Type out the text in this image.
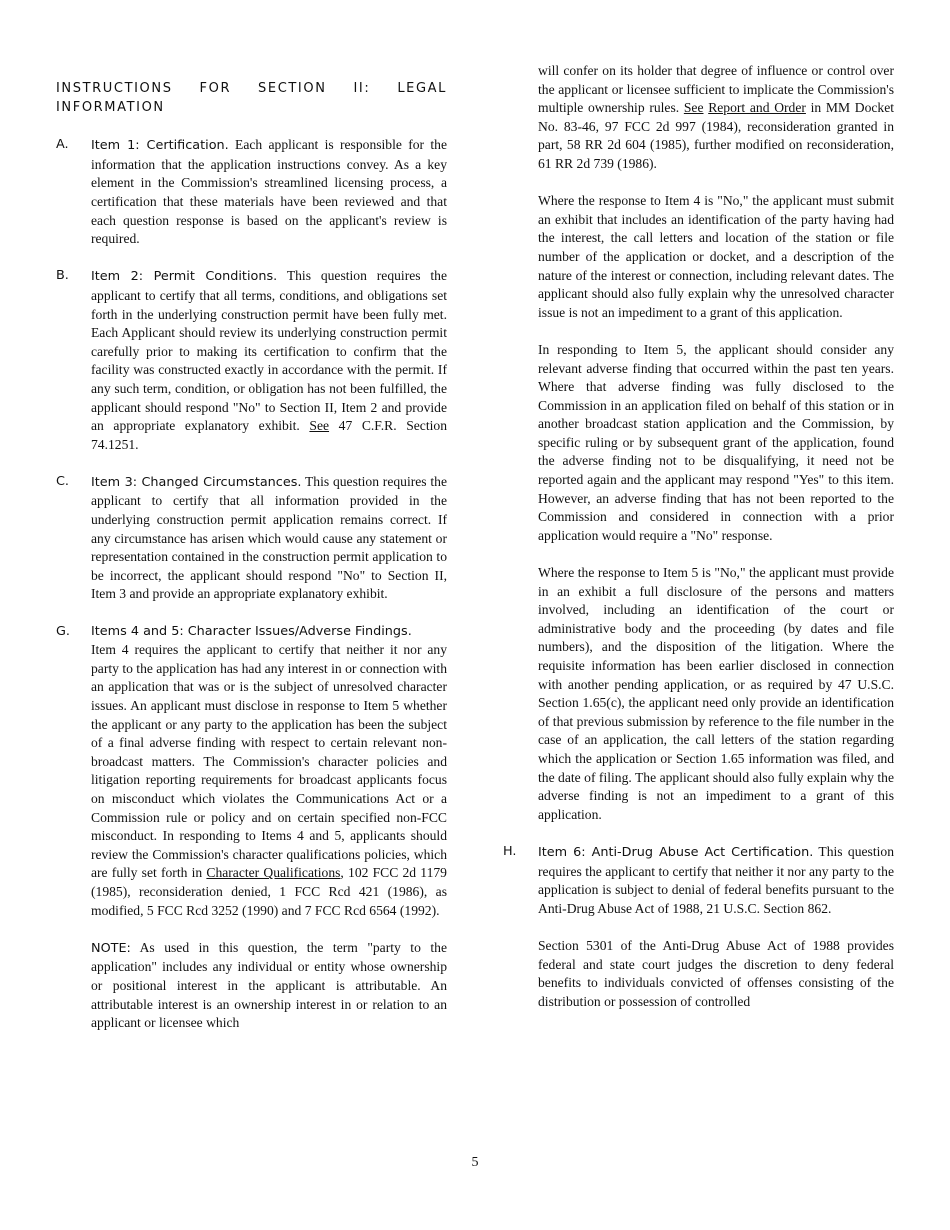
INSTRUCTIONS FOR SECTION II: LEGAL INFORMATION
A. Item 1: Certification. Each applicant is responsible for the information that the application instructions convey. As a key element in the Commission's streamlined licensing process, a certification that these materials have been reviewed and that each question response is based on the applicant's review is required.
B. Item 2: Permit Conditions. This question requires the applicant to certify that all terms, conditions, and obligations set forth in the underlying construction permit have been fully met. Each Applicant should review its underlying construction permit carefully prior to making its certification to confirm that the facility was constructed exactly in accordance with the permit. If any such term, condition, or obligation has not been fulfilled, the applicant should respond "No" to Section II, Item 2 and provide an appropriate explanatory exhibit. See 47 C.F.R. Section 74.1251.
C. Item 3: Changed Circumstances. This question requires the applicant to certify that all information provided in the underlying construction permit application remains correct. If any circumstance has arisen which would cause any statement or representation contained in the construction permit application to be incorrect, the applicant should respond "No" to Section II, Item 3 and provide an appropriate explanatory exhibit.
G. Items 4 and 5: Character Issues/Adverse Findings.
Item 4 requires the applicant to certify that neither it nor any party to the application has had any interest in or connection with an application that was or is the subject of unresolved character issues. An applicant must disclose in response to Item 5 whether the applicant or any party to the application has been the subject of a final adverse finding with respect to certain relevant non-broadcast matters. The Commission's character policies and litigation reporting requirements for broadcast applicants focus on misconduct which violates the Communications Act or a Commission rule or policy and on certain specified non-FCC misconduct. In responding to Items 4 and 5, applicants should review the Commission's character qualifications policies, which are fully set forth in Character Qualifications, 102 FCC 2d 1179 (1985), reconsideration denied, 1 FCC Rcd 421 (1986), as modified, 5 FCC Rcd 3252 (1990) and 7 FCC Rcd 6564 (1992).
NOTE: As used in this question, the term "party to the application" includes any individual or entity whose ownership or positional interest in the applicant is attributable. An attributable interest is an ownership interest in or relation to an applicant or licensee which
will confer on its holder that degree of influence or control over the applicant or licensee sufficient to implicate the Commission's multiple ownership rules. See Report and Order in MM Docket No. 83-46, 97 FCC 2d 997 (1984), reconsideration granted in part, 58 RR 2d 604 (1985), further modified on reconsideration, 61 RR 2d 739 (1986).
Where the response to Item 4 is "No," the applicant must submit an exhibit that includes an identification of the party having had the interest, the call letters and location of the station or file number of the application or docket, and a description of the nature of the interest or connection, including relevant dates. The applicant should also fully explain why the unresolved character issue is not an impediment to a grant of this application.
In responding to Item 5, the applicant should consider any relevant adverse finding that occurred within the past ten years. Where that adverse finding was fully disclosed to the Commission in an application filed on behalf of this station or in another broadcast station application and the Commission, by specific ruling or by subsequent grant of the application, found the adverse finding not to be disqualifying, it need not be reported again and the applicant may respond "Yes" to this item. However, an adverse finding that has not been reported to the Commission and considered in connection with a prior application would require a "No" response.
Where the response to Item 5 is "No," the applicant must provide in an exhibit a full disclosure of the persons and matters involved, including an identification of the court or administrative body and the proceeding (by dates and file numbers), and the disposition of the litigation. Where the requisite information has been earlier disclosed in connection with another pending application, or as required by 47 U.S.C. Section 1.65(c), the applicant need only provide an identification of that previous submission by reference to the file number in the case of an application, the call letters of the station regarding which the application or Section 1.65 information was filed, and the date of filing. The applicant should also fully explain why the adverse finding is not an impediment to a grant of this application.
H. Item 6: Anti-Drug Abuse Act Certification. This question requires the applicant to certify that neither it nor any party to the application is subject to denial of federal benefits pursuant to the Anti-Drug Abuse Act of 1988, 21 U.S.C. Section 862.
Section 5301 of the Anti-Drug Abuse Act of 1988 provides federal and state court judges the discretion to deny federal benefits to individuals convicted of offenses consisting of the distribution or possession of controlled
5
